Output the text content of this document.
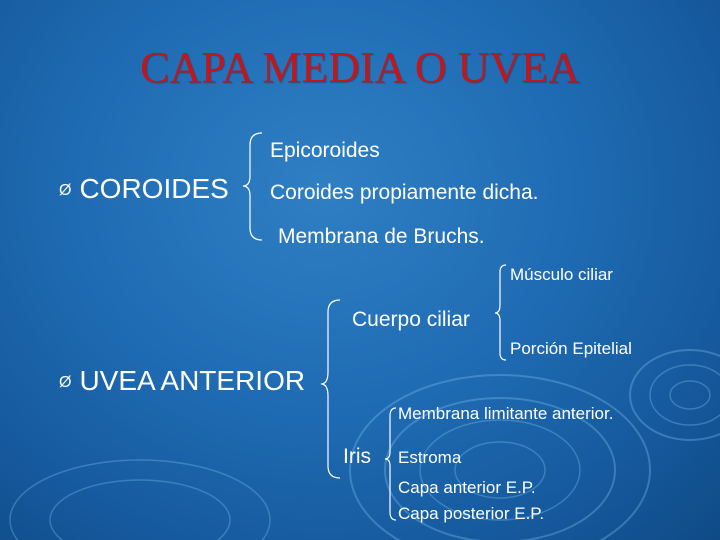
CAPA MEDIA O UVEA
Ø COROIDES
Epicoroides
Coroides propiamente dicha.
Membrana de Bruchs.
Ø UVEA ANTERIOR
Cuerpo ciliar
Músculo ciliar
Porción Epitelial
Iris
Membrana limitante anterior.
Estroma
Capa anterior E.P.
Capa posterior E.P.
